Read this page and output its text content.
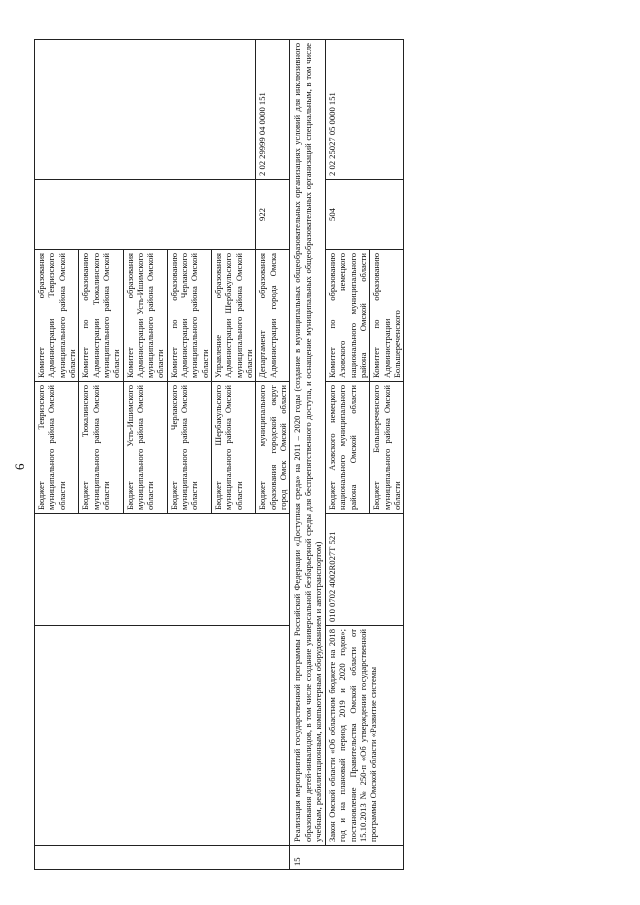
6
			Бюджет Тевризского муниципального района Омской области	Комитет образования Администрации Тевризского муниципального района Омской области		
			Бюджет Тюкалинского муниципального района Омской области	Комитет по образованию Администрации Тюкалинского муниципального района Омской области		
			Бюджет Усть-Ишимского муниципального района Омской области	Комитет образования Администрации Усть-Ишимского муниципального района Омской области		
			Бюджет Черлакского муниципального района Омской области	Комитет по образованию Администрации Черлакского муниципального района Омской области		
			Бюджет Шербакульского муниципального района Омской области	Управление образования Администрации Шербакульского муниципального района Омской области		
			Бюджет муниципального образования городской округ город Омск Омской области	Департамент образования Администрации города Омска	922	2 02 29999 04 0000 151
15	Реализация мероприятий государственной программы Российской Федерации «Доступная среда» на 2011 – 2020 годы (создание в муниципальных общеобразовательных организациях условий для инклюзивного образования детей-инвалидов, в том числе создание универсальной безбарьерной среды для беспрепятственного доступа, и оснащение муниципальных общеобразовательных организаций специальным, в том числе учебным, реабилитационным, компьютерным оборудованием и автотранспортом)					
	Закон Омской области «Об областном бюджете на 2018 год и на плановый период 2019 и 2020 годов»; постановление Правительства Омской области от 15.10.2013 № 250-п «Об утверждении государственной программы Омской области «Развитие системы	010 0702 4002R027Т 521	Бюджет Азовского немецкого национального муниципального района Омской области	Комитет по образованию Азовского немецкого национального муниципального района Омской области	504	2 02 25027 05 0000 151
			Бюджет Большереченского муниципального района Омской области	Комитет по образованию Администрации Большереченского		
